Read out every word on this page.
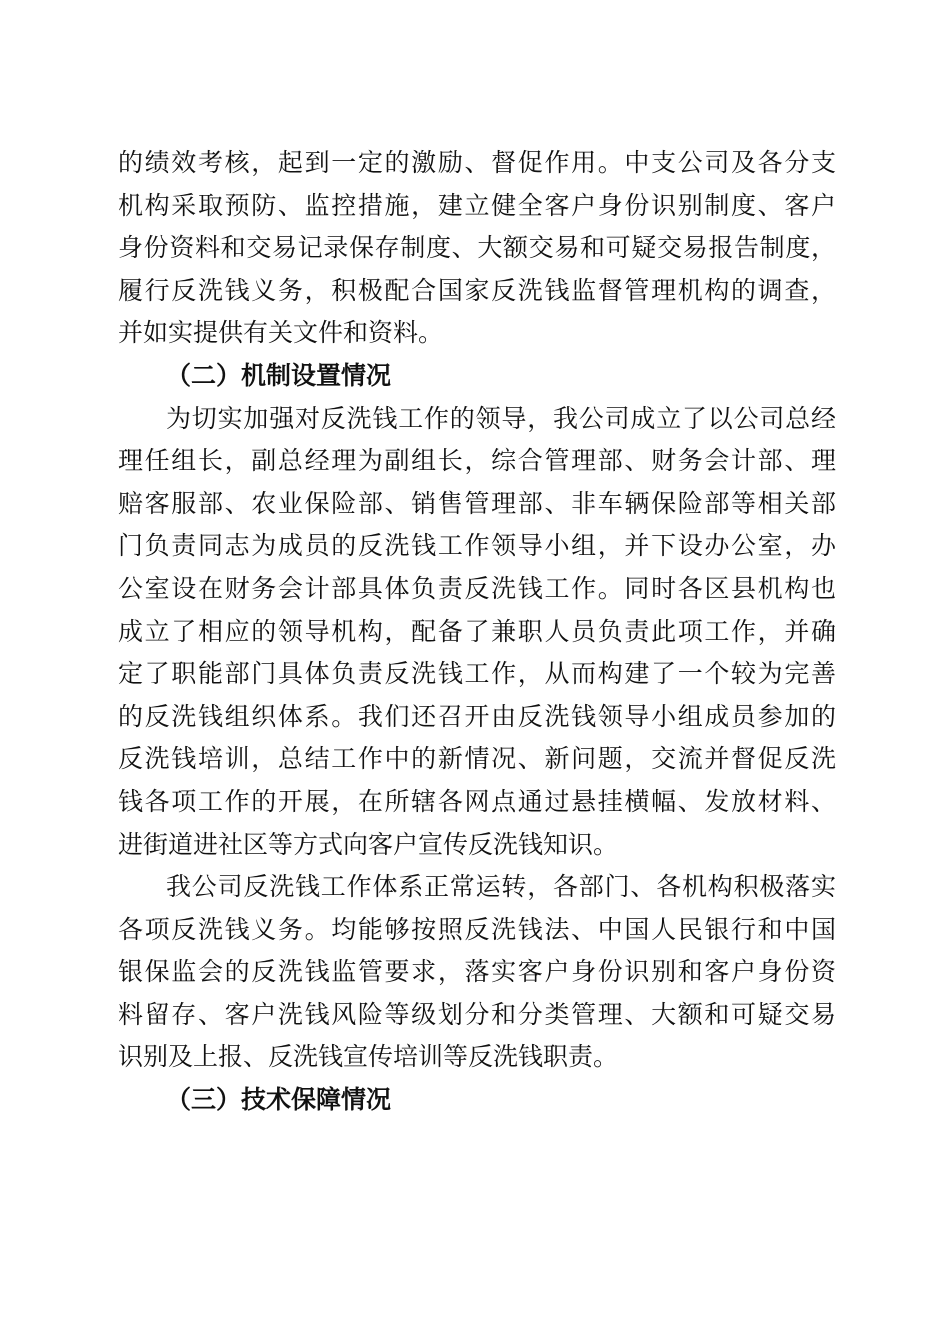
的绩效考核，起到一定的激励、督促作用。中支公司及各分支
机构采取预防、监控措施，建立健全客户身份识别制度、客户
身份资料和交易记录保存制度、大额交易和可疑交易报告制度，
履行反洗钱义务，积极配合国家反洗钱监督管理机构的调查，
并如实提供有关文件和资料。
（二）机制设置情况
为切实加强对反洗钱工作的领导，我公司成立了以公司总经
理任组长，副总经理为副组长，综合管理部、财务会计部、理
赔客服部、农业保险部、销售管理部、非车辆保险部等相关部
门负责同志为成员的反洗钱工作领导小组，并下设办公室，办
公室设在财务会计部具体负责反洗钱工作。同时各区县机构也
成立了相应的领导机构，配备了兼职人员负责此项工作，并确
定了职能部门具体负责反洗钱工作，从而构建了一个较为完善
的反洗钱组织体系。我们还召开由反洗钱领导小组成员参加的
反洗钱培训，总结工作中的新情况、新问题，交流并督促反洗
钱各项工作的开展，在所辖各网点通过悬挂横幅、发放材料、
进街道进社区等方式向客户宣传反洗钱知识。
我公司反洗钱工作体系正常运转，各部门、各机构积极落实
各项反洗钱义务。均能够按照反洗钱法、中国人民银行和中国
银保监会的反洗钱监管要求，落实客户身份识别和客户身份资
料留存、客户洗钱风险等级划分和分类管理、大额和可疑交易
识别及上报、反洗钱宣传培训等反洗钱职责。
（三）技术保障情况
